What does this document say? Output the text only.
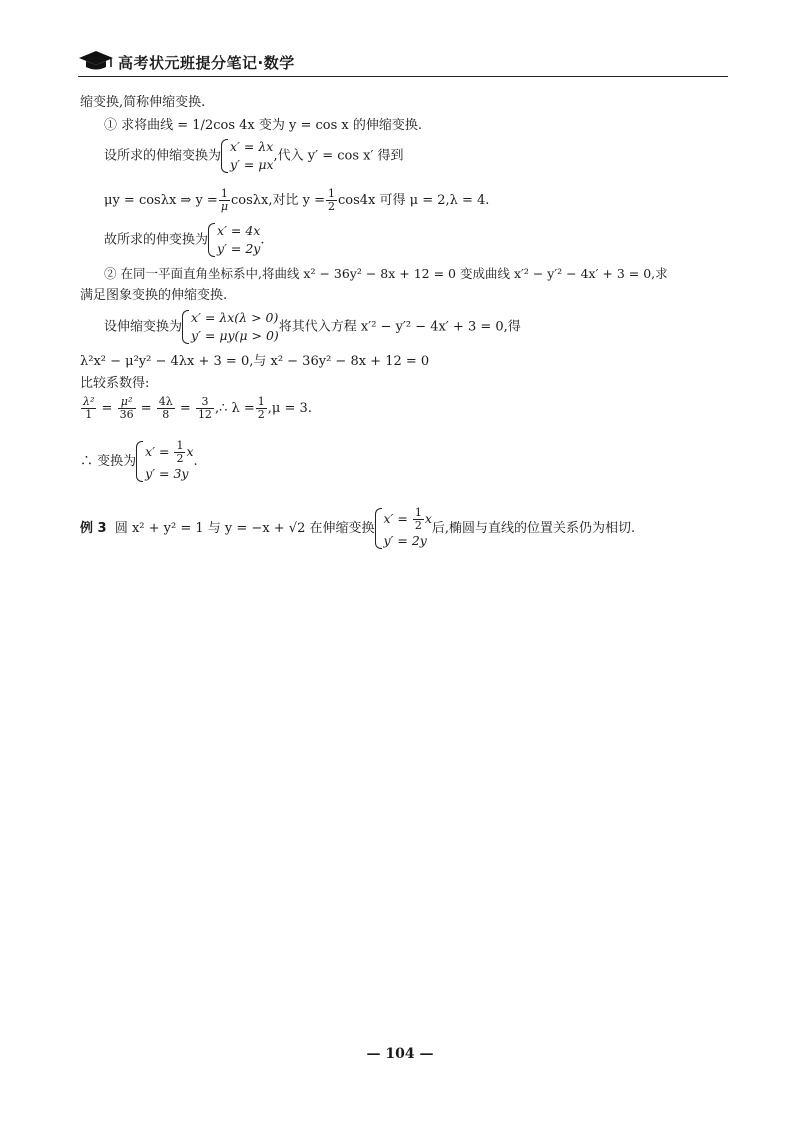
高考状元班提分笔记·数学
缩变换,简称伸缩变换.
① 求将曲线 = 1/2cos 4x 变为 y = cos x 的伸缩变换.
设所求的伸缩变换为
x′ = λx
y′ = μx
,代入 y′ = cos x′ 得到
μy = cosλx ⇒ $y = \frac{1}{\mu} \cos\lambda x$,对比 $y = \frac{1}{2} \cos 4x$ 可得 μ = 2,λ = 4.
故所求的伸变换为
x′ = 4x
y′ = 2y
.
② 在同一平面直角坐标系中,将曲线 x² − 36y² − 8x + 12 = 0 变成曲线 x′² − y′² − 4x′ + 3 = 0,求
满足图象变换的伸缩变换.
设伸缩变换为
x′ = λx(λ > 0)
y′ = μy(μ > 0)
将其代入方程 x′² − y′² − 4x′ + 3 = 0,得
λ²x² − μ²y² − 4λx + 3 = 0,与 x² − 36y² − 8x + 12 = 0
比较系数得:
$\frac{\text{λ²}}{1} = \frac{\text{μ²}}{36} = \frac{4\lambda}{8} = \frac{3}{12}$ ,∴ $\lambda = \frac{1}{2} ,\mu = 3$.
∴ 变换为
$x' = \frac{1}{2}$ x
y′ = 3y
.
例 3 圆 x² + y² = 1 与 y = −x + √2 在伸缩变换
$x' = \frac{1}{2}$ x
y′ = 2y
后,椭圆与直线的位置关系仍为相切.
— 104 —
